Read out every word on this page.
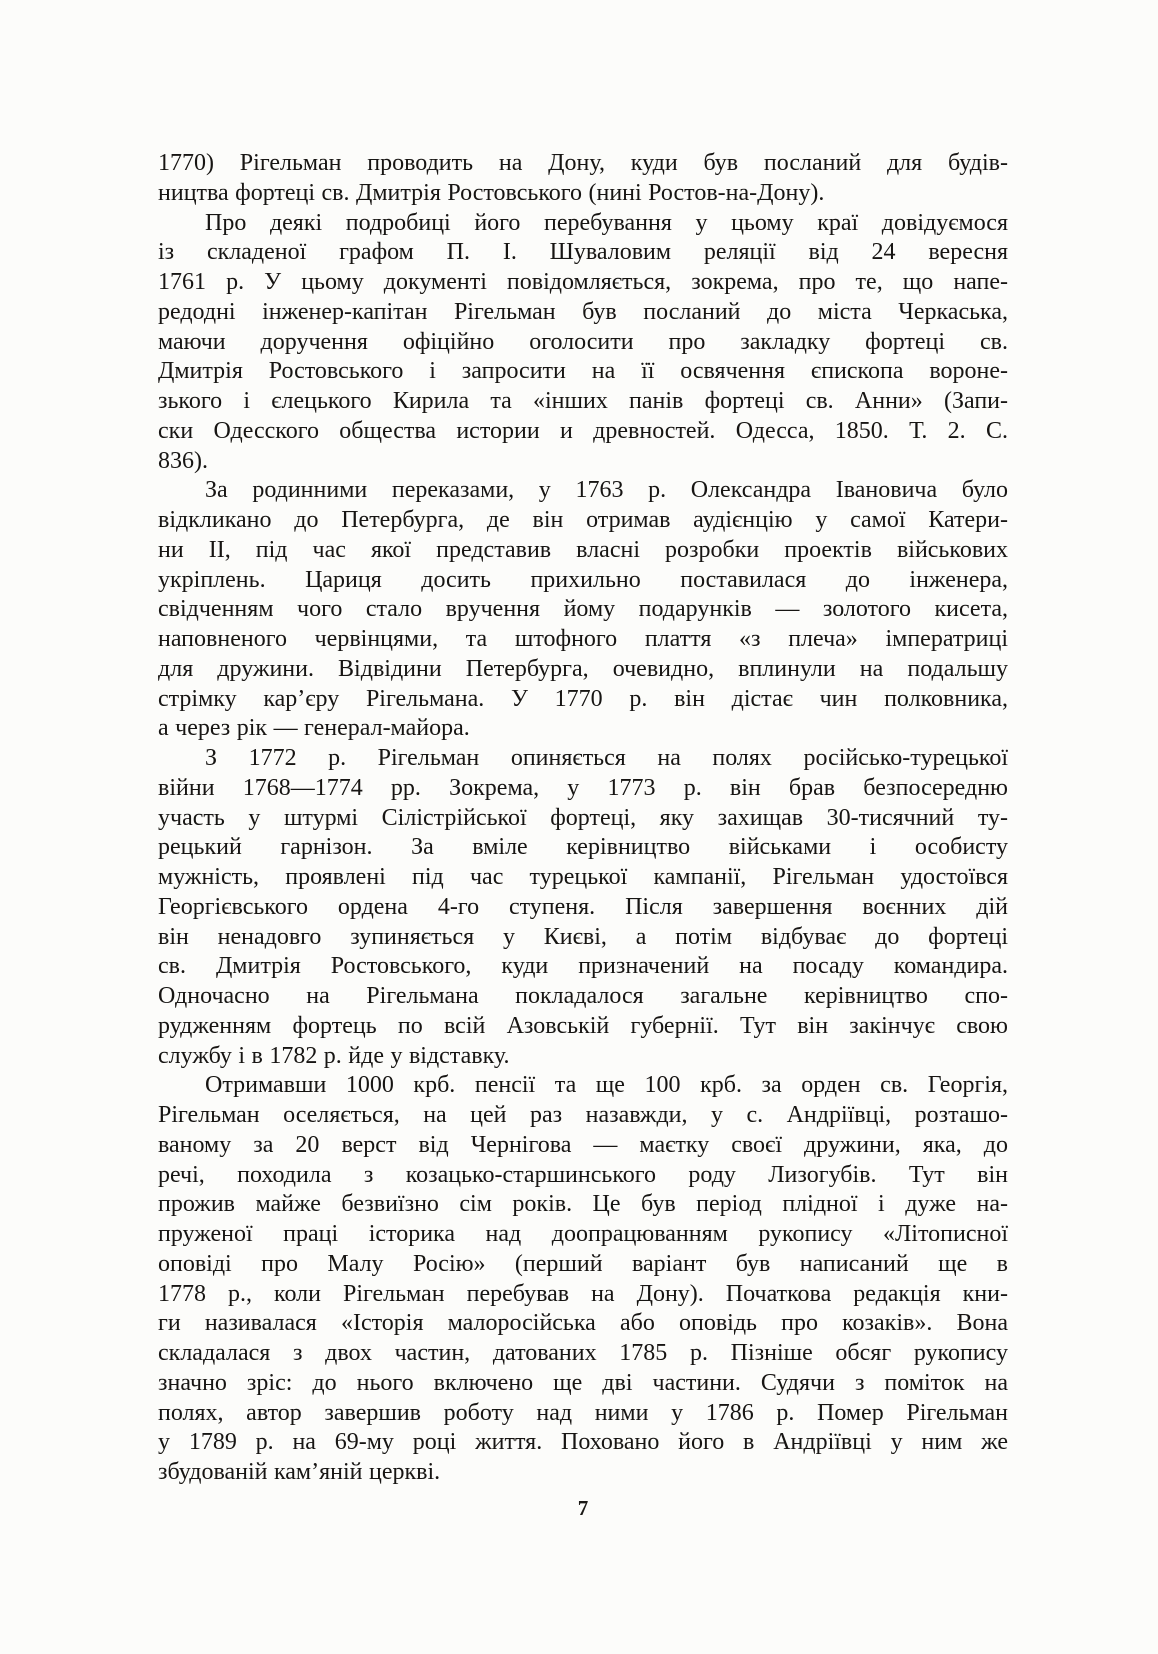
1770) Рігельман проводить на Дону, куди був посланий для будів-
ництва фортеці св. Дмитрія Ростовського (нині Ростов-на-Дону).
Про деякі подробиці його перебування у цьому краї довідуємося
із складеної графом П. І. Шуваловим реляції від 24 вересня
1761 р. У цьому документі повідомляється, зокрема, про те, що напе-
редодні інженер-капітан Рігельман був посланий до міста Черкаська,
маючи доручення офіційно оголосити про закладку фортеці св.
Дмитрія Ростовського і запросити на її освячення єпископа вороне-
зького і єлецького Кирила та «інших панів фортеці св. Анни» (Запи-
ски Одесского общества истории и древностей. Одесса, 1850. Т. 2. С.
836).
За родинними переказами, у 1763 р. Олександра Івановича було
відкликано до Петербурга, де він отримав аудієнцію у самої Катери-
ни II, під час якої представив власні розробки проектів військових
укріплень. Цариця досить прихильно поставилася до інженера,
свідченням чого стало вручення йому подарунків — золотого кисета,
наповненого червінцями, та штофного плаття «з плеча» імператриці
для дружини. Відвідини Петербурга, очевидно, вплинули на подальшу
стрімку кар’єру Рігельмана. У 1770 р. він дістає чин полковника,
а через рік — генерал-майора.
З 1772 р. Рігельман опиняється на полях російсько-турецької
війни 1768—1774 рр. Зокрема, у 1773 р. він брав безпосередню
участь у штурмі Сілістрійської фортеці, яку захищав 30-тисячний ту-
рецький гарнізон. За вміле керівництво військами і особисту
мужність, проявлені під час турецької кампанії, Рігельман удостоївся
Георгієвського ордена 4-го ступеня. Після завершення воєнних дій
він ненадовго зупиняється у Києві, а потім відбуває до фортеці
св. Дмитрія Ростовського, куди призначений на посаду командира.
Одночасно на Рігельмана покладалося загальне керівництво спо-
рудженням фортець по всій Азовській губернії. Тут він закінчує свою
службу і в 1782 р. йде у відставку.
Отримавши 1000 крб. пенсії та ще 100 крб. за орден св. Георгія,
Рігельман оселяється, на цей раз назавжди, у с. Андріївці, розташо-
ваному за 20 верст від Чернігова — маєтку своєї дружини, яка, до
речі, походила з козацько-старшинського роду Лизогубів. Тут він
прожив майже безвиїзно сім років. Це був період плідної і дуже на-
пруженої праці історика над доопрацюванням рукопису «Літописної
оповіді про Малу Росію» (перший варіант був написаний ще в
1778 р., коли Рігельман перебував на Дону). Початкова редакція кни-
ги називалася «Історія малоросійська або оповідь про козаків». Вона
складалася з двох частин, датованих 1785 р. Пізніше обсяг рукопису
значно зріс: до нього включено ще дві частини. Судячи з поміток на
полях, автор завершив роботу над ними у 1786 р. Помер Рігельман
у 1789 р. на 69-му році життя. Поховано його в Андріївці у ним же
збудованій кам’яній церкві.
7
